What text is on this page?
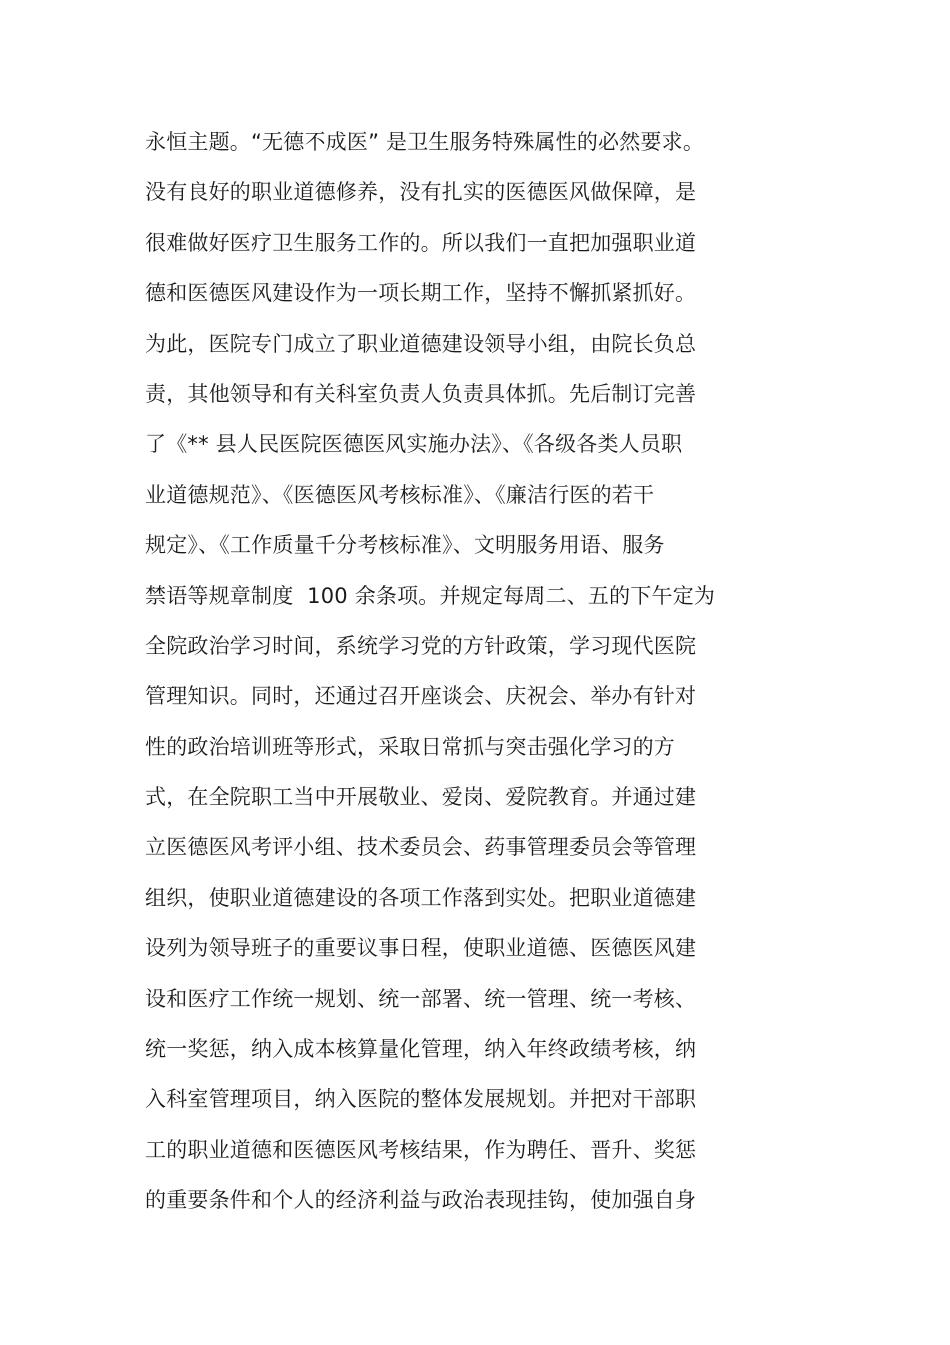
永恒主题。“无德不成医” 是卫生服务特殊属性的必然要求。
没有良好的职业道德修养，没有扎实的医德医风做保障，是
很难做好医疗卫生服务工作的。所以我们一直把加强职业道
德和医德医风建设作为一项长期工作，坚持不懈抓紧抓好。
为此，医院专门成立了职业道德建设领导小组，由院长负总
责，其他领导和有关科室负责人负责具体抓。先后制订完善
了《** 县人民医院医德医风实施办法》、《各级各类人员职
业道德规范》、《医德医风考核标准》、《廉洁行医的若干
规定》、《工作质量千分考核标准》、文明服务用语、服务
禁语等规章制度  100 余条项。并规定每周二、五的下午定为
全院政治学习时间，系统学习党的方针政策，学习现代医院
管理知识。同时，还通过召开座谈会、庆祝会、举办有针对
性的政治培训班等形式，采取日常抓与突击强化学习的方
式，在全院职工当中开展敬业、爱岗、爱院教育。并通过建
立医德医风考评小组、技术委员会、药事管理委员会等管理
组织，使职业道德建设的各项工作落到实处。把职业道德建
设列为领导班子的重要议事日程，使职业道德、医德医风建
设和医疗工作统一规划、统一部署、统一管理、统一考核、
统一奖惩，纳入成本核算量化管理，纳入年终政绩考核，纳
入科室管理项目，纳入医院的整体发展规划。并把对干部职
工的职业道德和医德医风考核结果，作为聘任、晋升、奖惩
的重要条件和个人的经济利益与政治表现挂钩，使加强自身
